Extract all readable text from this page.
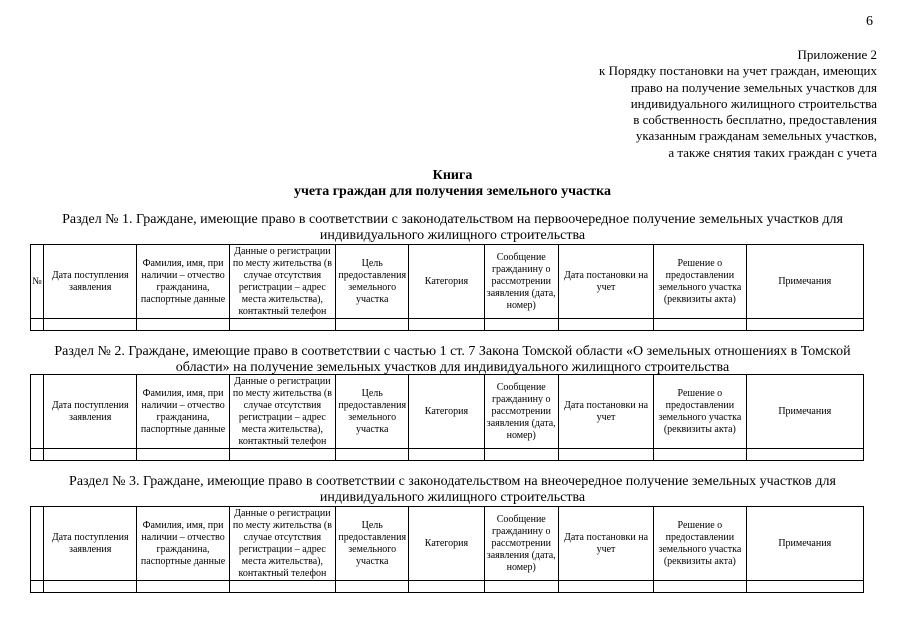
6
Приложение 2
к Порядку постановки на учет граждан, имеющих
право на получение земельных участков для
индивидуального жилищного строительства
в собственность бесплатно, предоставления
указанным гражданам земельных участков,
а также снятия таких граждан с учета
Книга
учета граждан для получения земельного участка
Раздел № 1. Граждане, имеющие право в соответствии с законодательством на первоочередное получение земельных участков для индивидуального жилищного строительства
№	Дата поступления заявления	Фамилия, имя, при наличии – отчество гражданина, паспортные данные	Данные о регистрации по месту жительства (в случае отсутствия регистрации – адрес места жительства), контактный телефон	Цель предоставления земельного участка	Категория	Сообщение гражданину о рассмотрении заявления (дата, номер)	Дата постановки на учет	Решение о предоставлении земельного участка (реквизиты акта)	Примечания

Раздел № 2. Граждане, имеющие право в соответствии с частью 1 ст. 7 Закона Томской области «О земельных отношениях в Томской области» на получение земельных участков для индивидуального жилищного строительства
	Дата поступления заявления	Фамилия, имя, при наличии – отчество гражданина, паспортные данные	Данные о регистрации по месту жительства (в случае отсутствия регистрации – адрес места жительства), контактный телефон	Цель предоставления земельного участка	Категория	Сообщение гражданину о рассмотрении заявления (дата, номер)	Дата постановки на учет	Решение о предоставлении земельного участка (реквизиты акта)	Примечания

Раздел № 3. Граждане, имеющие право в соответствии с законодательством на внеочередное получение земельных участков для индивидуального жилищного строительства
	Дата поступления заявления	Фамилия, имя, при наличии – отчество гражданина, паспортные данные	Данные о регистрации по месту жительства (в случае отсутствия регистрации – адрес места жительства), контактный телефон	Цель предоставления земельного участка	Категория	Сообщение гражданину о рассмотрении заявления (дата, номер)	Дата постановки на учет	Решение о предоставлении земельного участка (реквизиты акта)	Примечания
